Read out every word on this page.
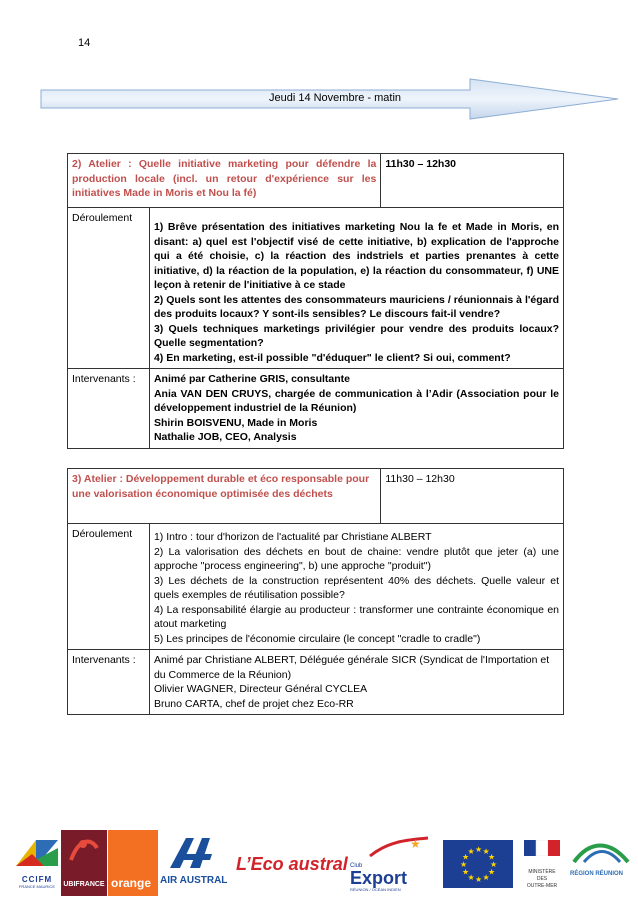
14
Jeudi 14 Novembre - matin
2) Atelier : Quelle initiative marketing pour défendre la production locale (incl. un retour d'expérience sur les initiatives Made in Moris et Nou la fé)		11h30 – 12h30
Déroulement	1) Brêve présentation des initiatives marketing Nou la fe et Made in Moris, en disant: a) quel est l'objectif visé de cette initiative, b) explication de l'approche qui a été choisie, c) la réaction des indstriels et parties prenantes à cette initiative, d) la réaction de la population, e) la réaction du consommateur, f) UNE leçon à retenir de l'initiative à ce stade

2) Quels sont les attentes des consommateurs mauriciens / réunionnais à l'égard des produits locaux? Y sont-ils sensibles? Le discours fait-il vendre?

3) Quels techniques marketings privilégier pour vendre des produits locaux? Quelle segmentation?

4) En marketing, est-il possible "d'éduquer" le client? Si oui, comment?	

Intervenants :	Animé par Catherine GRIS, consultante

Ania VAN DEN CRUYS, chargée de communication à l’Adir (Association pour le développement industriel de la Réunion)

Shirin BOISVENU, Made in Moris

Nathalie JOB, CEO, Analysis	

3) Atelier : Développement durable et éco responsable pour une valorisation économique optimisée des déchets		11h30 – 12h30
Déroulement	1) Intro : tour d'horizon de l'actualité par Christiane ALBERT

2) La valorisation des déchets en bout de chaine: vendre plutôt que jeter (a) une approche "process engineering", b) une approche "produit")

3) Les déchets de la construction représentent 40% des déchets. Quelle valeur et quels exemples de réutilisation possible?

4) La responsabilité élargie au producteur : transformer une contrainte économique en atout marketing

5) Les principes de l'économie circulaire (le concept "cradle to cradle")	

Intervenants :	Animé par Christiane ALBERT, Déléguée générale SICR (Syndicat de l'Importation et du Commerce de la Réunion)

Olivier WAGNER, Directeur Général CYCLEA

Bruno CARTA, chef de projet chez Eco-RR	

CCIFM
FRANCE MAURICE	UBIFRANCE orange AIR AUSTRAL
L’Eco austral
★
Club
Export
RÉUNION / OCÉAN INDIEN
★
★
★
★
★
★
★
★
★ ★ ★
★
MINISTÈRE
DES
OUTRE-MER
RÉGION RÉUNION
